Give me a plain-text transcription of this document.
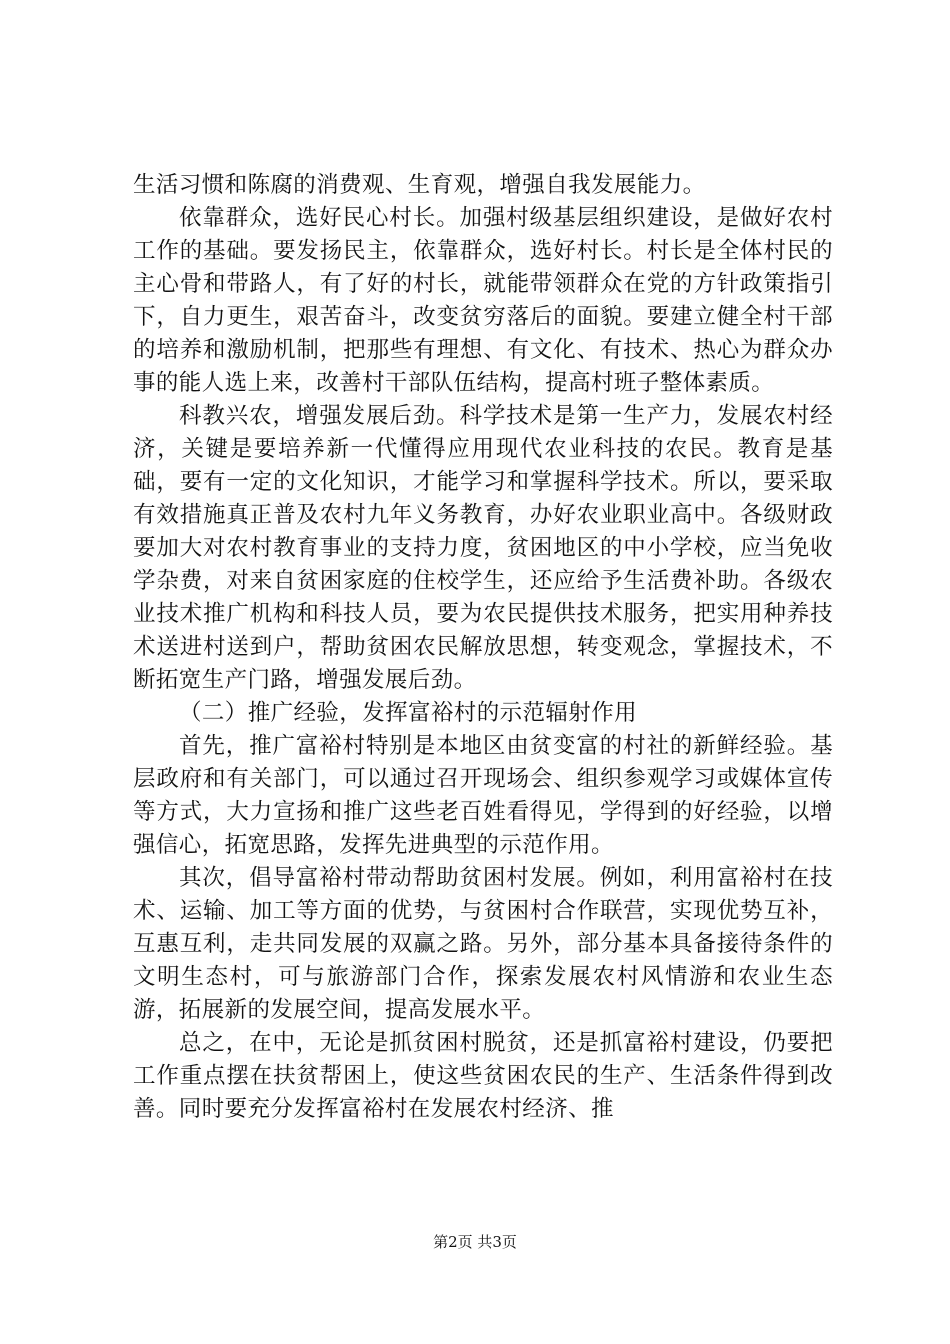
生活习惯和陈腐的消费观、生育观，增强自我发展能力。

依靠群众，选好民心村长。加强村级基层组织建设，是做好农村工作的基础。要发扬民主，依靠群众，选好村长。村长是全体村民的主心骨和带路人，有了好的村长，就能带领群众在党的方针政策指引下，自力更生，艰苦奋斗，改变贫穷落后的面貌。要建立健全村干部的培养和激励机制，把那些有理想、有文化、有技术、热心为群众办事的能人选上来，改善村干部队伍结构，提高村班子整体素质。

科教兴农，增强发展后劲。科学技术是第一生产力，发展农村经济，关键是要培养新一代懂得应用现代农业科技的农民。教育是基础，要有一定的文化知识，才能学习和掌握科学技术。所以，要采取有效措施真正普及农村九年义务教育，办好农业职业高中。各级财政要加大对农村教育事业的支持力度，贫困地区的中小学校，应当免收学杂费，对来自贫困家庭的住校学生，还应给予生活费补助。各级农业技术推广机构和科技人员，要为农民提供技术服务，把实用种养技术送进村送到户，帮助贫困农民解放思想，转变观念，掌握技术，不断拓宽生产门路，增强发展后劲。

（二）推广经验，发挥富裕村的示范辐射作用

首先，推广富裕村特别是本地区由贫变富的村社的新鲜经验。基层政府和有关部门，可以通过召开现场会、组织参观学习或媒体宣传等方式，大力宣扬和推广这些老百姓看得见，学得到的好经验，以增强信心，拓宽思路，发挥先进典型的示范作用。

其次，倡导富裕村带动帮助贫困村发展。例如，利用富裕村在技术、运输、加工等方面的优势，与贫困村合作联营，实现优势互补，互惠互利，走共同发展的双赢之路。另外，部分基本具备接待条件的文明生态村，可与旅游部门合作，探索发展农村风情游和农业生态游，拓展新的发展空间，提高发展水平。

总之，在中，无论是抓贫困村脱贫，还是抓富裕村建设，仍要把工作重点摆在扶贫帮困上，使这些贫困农民的生产、生活条件得到改善。同时要充分发挥富裕村在发展农村经济、推

第2页 共3页
